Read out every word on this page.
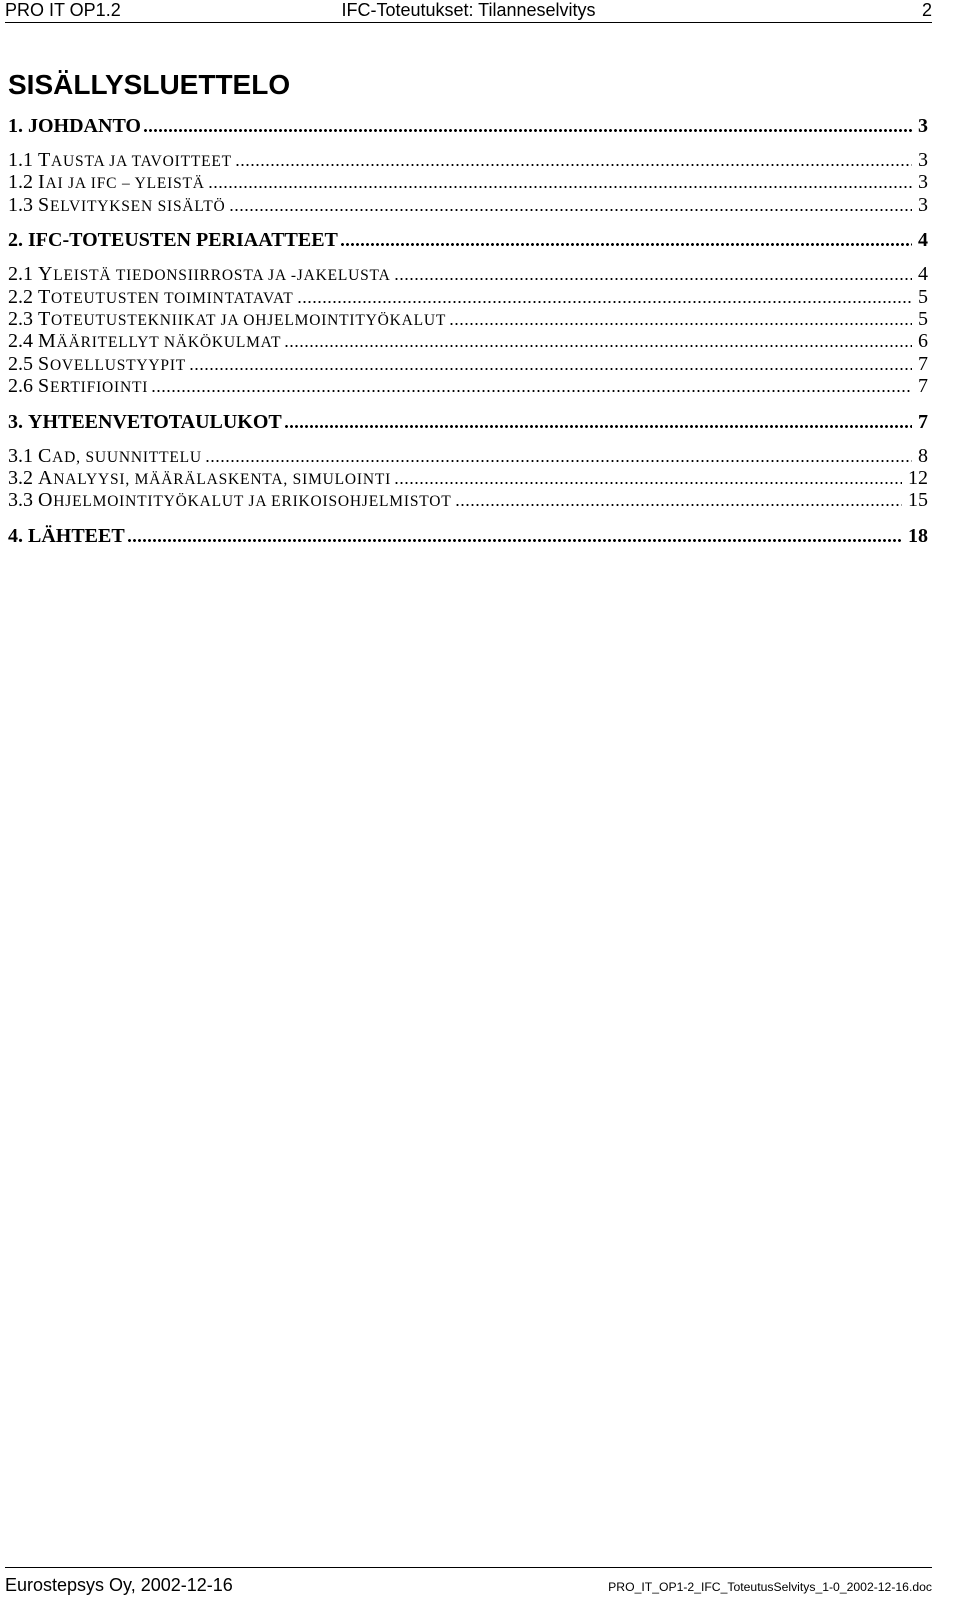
PRO IT OP1.2	IFC-Toteutukset: Tilanneselvitys	2
SISÄLLYSLUETTELO
1. JOHDANTO	3
1.1 TAUSTA JA TAVOITTEET	3
1.2 IAI JA IFC – YLEISTÄ	3
1.3 SELVITYKSEN SISÄLTÖ	3
2. IFC-TOTEUSTEN PERIAATTEET	4
2.1 YLEISTÄ TIEDONSIIRROSTA JA -JAKELUSTA	4
2.2 TOTEUTUSTEN TOIMINTATAVAT	5
2.3 TOTEUTUSTEKNIIKAT JA OHJELMOINTITYÖKALUT	5
2.4 MÄÄRITELLYT NÄKÖKULMAT	6
2.5 SOVELLUSTYYPIT	7
2.6 SERTIFIOINTI	7
3. YHTEENVETOTAULUKOT	7
3.1 CAD, SUUNNITTELU	8
3.2 ANALYYSI, MÄÄRÄLASKENTA, SIMULOINTI	12
3.3 OHJELMOINTITYÖKALUT JA ERIKOISOHJELMISTOT	15
4. LÄHTEET	18
Eurostepsys Oy, 2002-12-16	PRO_IT_OP1-2_IFC_ToteutusSelvitys_1-0_2002-12-16.doc
